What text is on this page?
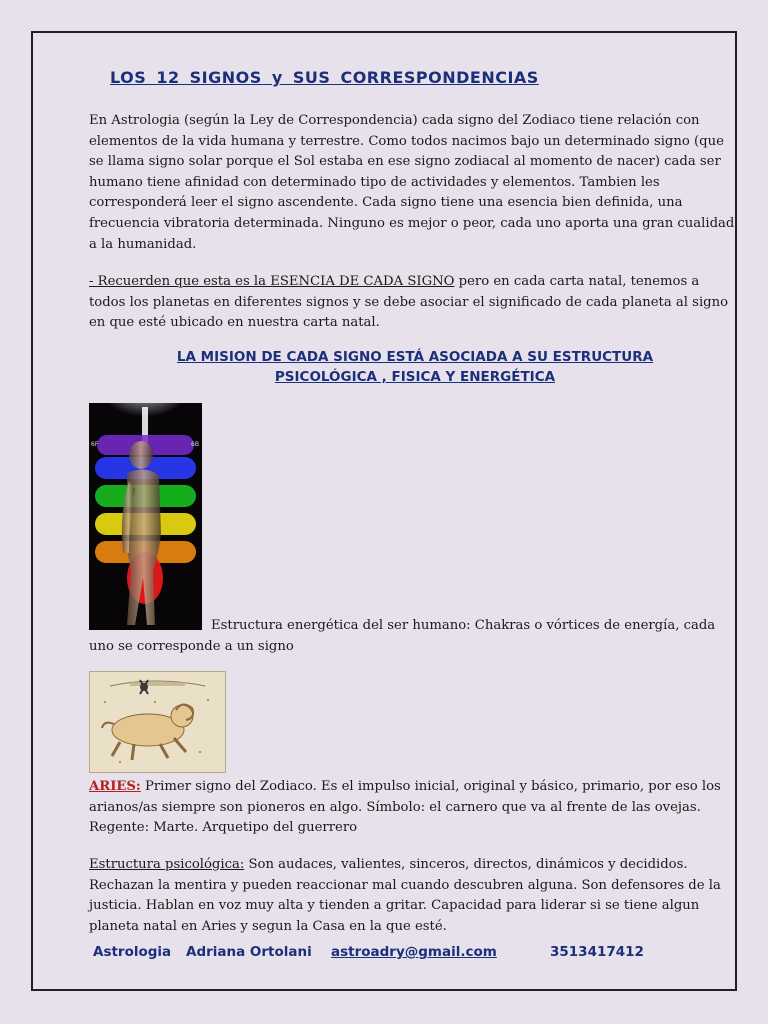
LOS 12 SIGNOS y SUS CORRESPONDENCIAS

En Astrologia (según la Ley de Correspondencia) cada signo del Zodiaco tiene relación con elementos de la vida humana y terrestre. Como todos nacimos bajo un determinado signo (que se llama signo solar porque el Sol estaba en ese signo zodiacal al momento de nacer) cada ser humano tiene afinidad con determinado tipo de actividades y elementos. Tambien les corresponderá leer el signo ascendente. Cada signo tiene una esencia bien definida, una frecuencia vibratoria determinada. Ninguno es mejor o peor, cada uno aporta una gran cualidad a la humanidad.

- Recuerden que esta es la ESENCIA DE CADA SIGNO pero en cada carta natal, tenemos a todos los planetas en diferentes signos y se debe asociar el significado de cada planeta al signo en que esté ubicado en nuestra carta natal.

LA MISION DE CADA SIGNO ESTÁ ASOCIADA A SU ESTRUCTURA
PSICOLÓGICA , FISICA Y ENERGÉTICA
6F	6B

Estructura energética del ser humano: Chakras o vórtices de energía, cada uno se corresponde a un signo

ARIES: Primer signo del Zodiaco. Es el impulso inicial, original y básico, primario, por eso los arianos/as siempre son pioneros en algo. Símbolo: el carnero que va al frente de las ovejas. Regente: Marte. Arquetipo del guerrero

Estructura psicológica: Son audaces, valientes, sinceros, directos, dinámicos y decididos. Rechazan la mentira y pueden reaccionar mal cuando descubren alguna. Son defensores de la justicia. Hablan en voz muy alta y tienden a gritar. Capacidad para liderar si se tiene algun planeta natal en Aries y segun la Casa en la que esté.

Astrologia Adriana Ortolani astroadry@gmail.com	3513417412
